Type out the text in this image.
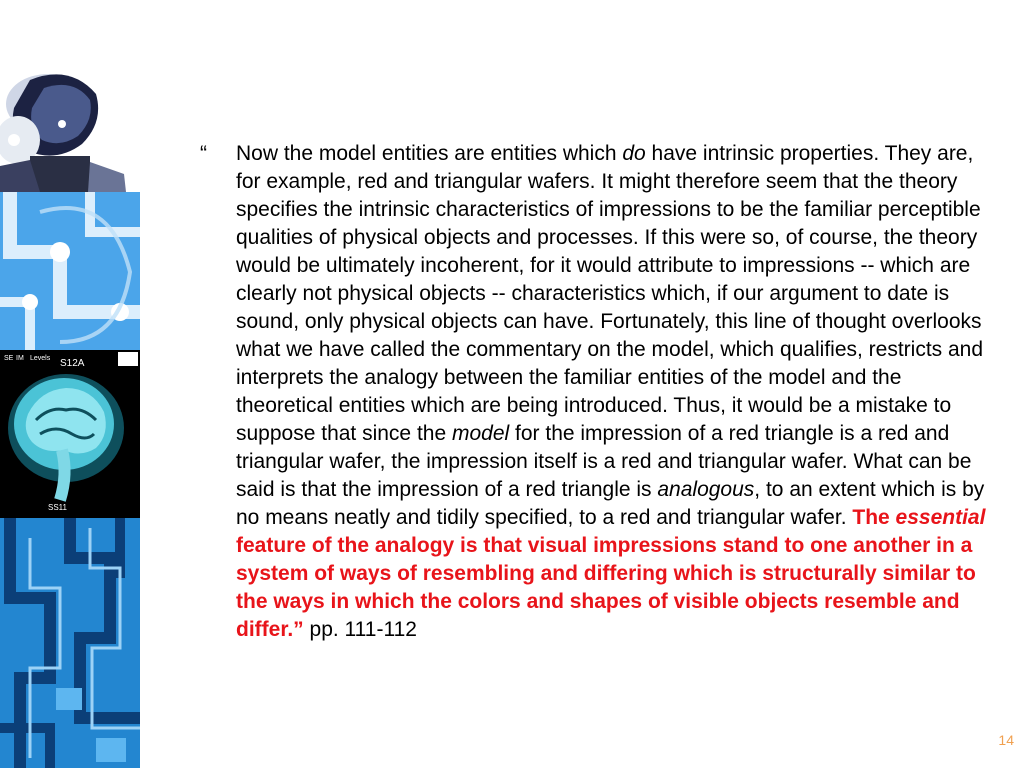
SE IM Levels S12A
SS11
“	Now the model entities are entities which do have intrinsic properties. They are, for example, red and triangular wafers. It might therefore seem that the theory specifies the intrinsic characteristics of impressions to be the familiar perceptible qualities of physical objects and processes. If this were so, of course, the theory would be ultimately incoherent, for it would attribute to impressions -- which are clearly not physical objects -- characteristics which, if our argument to date is sound, only physical objects can have. Fortunately, this line of thought overlooks what we have called the commentary on the model, which qualifies, restricts and interprets the analogy between the familiar entities of the model and the theoretical entities which are being introduced. Thus, it would be a mistake to suppose that since the model for the impression of a red triangle is a red and triangular wafer, the impression itself is a red and triangular wafer. What can be said is that the impression of a red triangle is analogous, to an extent which is by no means neatly and tidily specified, to a red and triangular wafer. The essential feature of the analogy is that visual impressions stand to one another in a system of ways of resembling and differing which is structurally similar to the ways in which the colors and shapes of visible objects resemble and differ.” pp. 111-112
14
